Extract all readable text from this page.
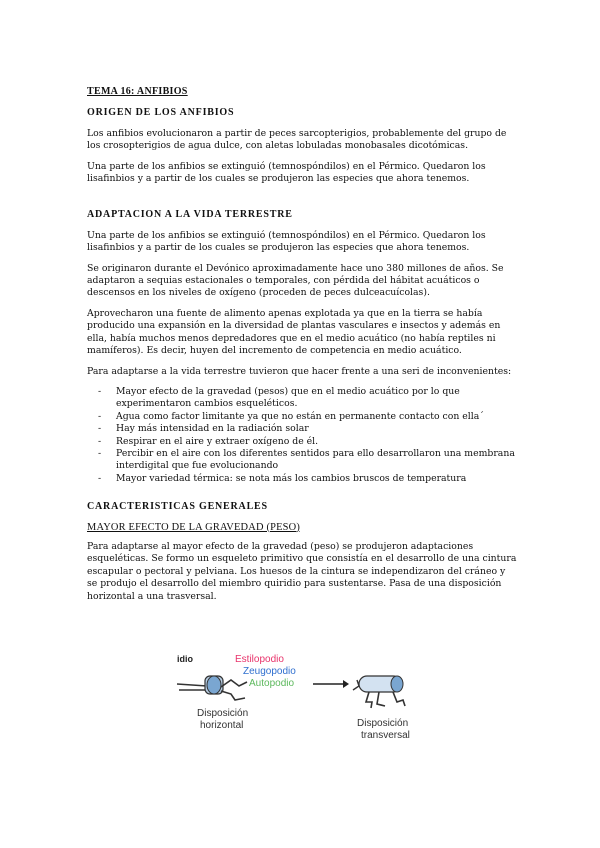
TEMA 16: ANFIBIOS
ORIGEN DE LOS ANFIBIOS

Los anfibios evolucionaron a partir de peces sarcopterigios, probablemente del grupo de los crosopterigios de agua dulce, con aletas lobuladas monobasales dicotómicas.

Una parte de los anfibios se extinguió (temnospóndilos) en el Pérmico. Quedaron los lisafinbios y a partir de los cuales se produjeron las especies que ahora tenemos.

ADAPTACION A LA VIDA TERRESTRE

Una parte de los anfibios se extinguió (temnospóndilos) en el Pérmico. Quedaron los lisafinbios y a partir de los cuales se produjeron las especies que ahora tenemos.

Se originaron durante el Devónico aproximadamente hace uno 380 millones de años. Se adaptaron a sequias estacionales o temporales, con pérdida del hábitat acuáticos o descensos en los niveles de oxígeno (proceden de peces dulceacuícolas).

Aprovecharon una fuente de alimento apenas explotada ya que en la tierra se había producido una expansión en la diversidad de plantas vasculares e insectos y además en ella, había muchos menos depredadores que en el medio acuático (no había reptiles ni mamíferos). Es decir, huyen del incremento de competencia en medio acuático.

Para adaptarse a la vida terrestre tuvieron que hacer frente a una seri de inconvenientes:

- Mayor efecto de la gravedad (pesos) que en el medio acuático por lo que experimentaron cambios esqueléticos.
- Agua como factor limitante ya que no están en permanente contacto con ella´
- Hay más intensidad en la radiación solar
- Respirar en el aire y extraer oxígeno de él.
- Percibir en el aire con los diferentes sentidos para ello desarrollaron una membrana interdigital que fue evolucionando
- Mayor variedad térmica: se nota más los cambios bruscos de temperatura
CARACTERISTICAS GENERALES
MAYOR EFECTO DE LA GRAVEDAD (PESO)

Para adaptarse al mayor efecto de la gravedad (peso) se produjeron adaptaciones esqueléticas. Se formo un esqueleto primitivo que consistía en el desarrollo de una cintura escapular o pectoral y pelviana. Los huesos de la cintura se independizaron del cráneo y se produjo el desarrollo del miembro quiridio para sustentarse. Pasa de una disposición horizontal a una trasversal.

idio	Estilopodio
Zeugopodio
Autopodio
Disposición
horizontal	Disposición
transversal
